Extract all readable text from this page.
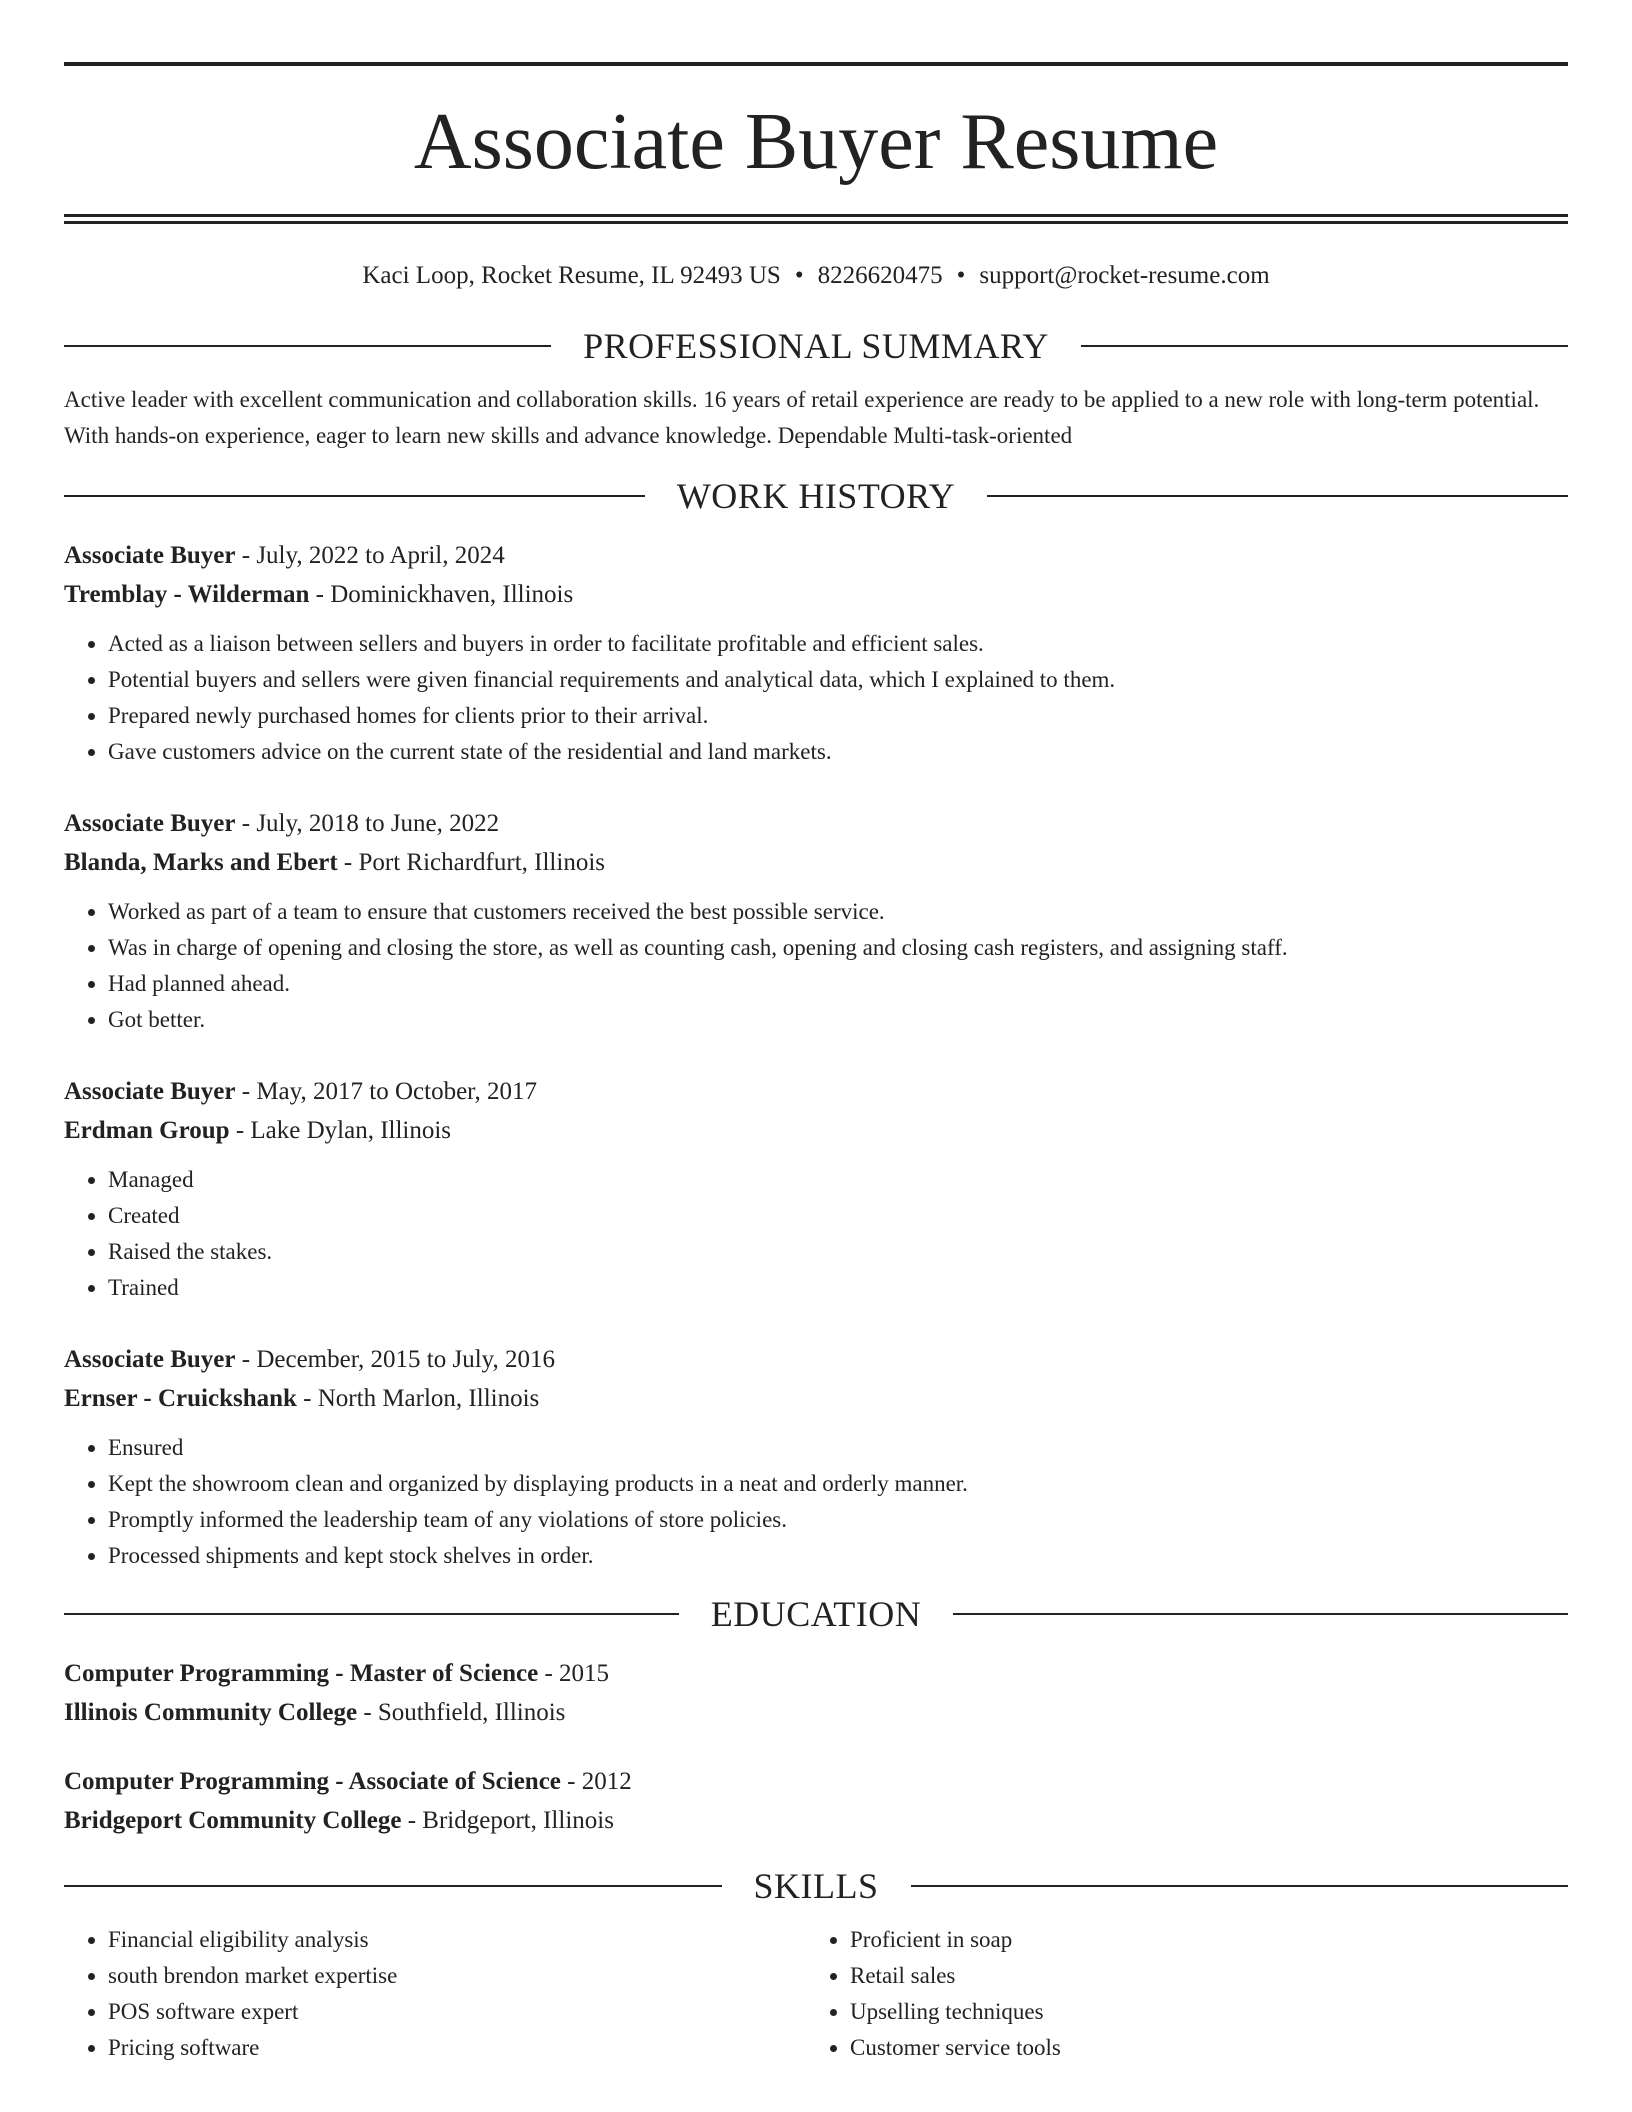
Associate Buyer Resume
Kaci Loop, Rocket Resume, IL 92493 US • 8226620475 • support@rocket-resume.com
PROFESSIONAL SUMMARY

Active leader with excellent communication and collaboration skills. 16 years of retail experience are ready to be applied to a new role with long-term potential. With hands-on experience, eager to learn new skills and advance knowledge. Dependable Multi-task-oriented

WORK HISTORY
Associate Buyer - July, 2022 to April, 2024
Tremblay - Wilderman - Dominickhaven, Illinois
• Acted as a liaison between sellers and buyers in order to facilitate profitable and efficient sales.
• Potential buyers and sellers were given financial requirements and analytical data, which I explained to them.
• Prepared newly purchased homes for clients prior to their arrival.
• Gave customers advice on the current state of the residential and land markets.
Associate Buyer - July, 2018 to June, 2022
Blanda, Marks and Ebert - Port Richardfurt, Illinois
• Worked as part of a team to ensure that customers received the best possible service.
• Was in charge of opening and closing the store, as well as counting cash, opening and closing cash registers, and assigning staff.
• Had planned ahead.
• Got better.
Associate Buyer - May, 2017 to October, 2017
Erdman Group - Lake Dylan, Illinois
• Managed
• Created
• Raised the stakes.
• Trained
Associate Buyer - December, 2015 to July, 2016
Ernser - Cruickshank - North Marlon, Illinois
• Ensured
• Kept the showroom clean and organized by displaying products in a neat and orderly manner.
• Promptly informed the leadership team of any violations of store policies.
• Processed shipments and kept stock shelves in order.
EDUCATION
Computer Programming - Master of Science - 2015
Illinois Community College - Southfield, Illinois
Computer Programming - Associate of Science - 2012
Bridgeport Community College - Bridgeport, Illinois
SKILLS
• Financial eligibility analysis
• south brendon market expertise
• POS software expert
• Pricing software
• Proficient in soap
• Retail sales
• Upselling techniques
• Customer service tools
